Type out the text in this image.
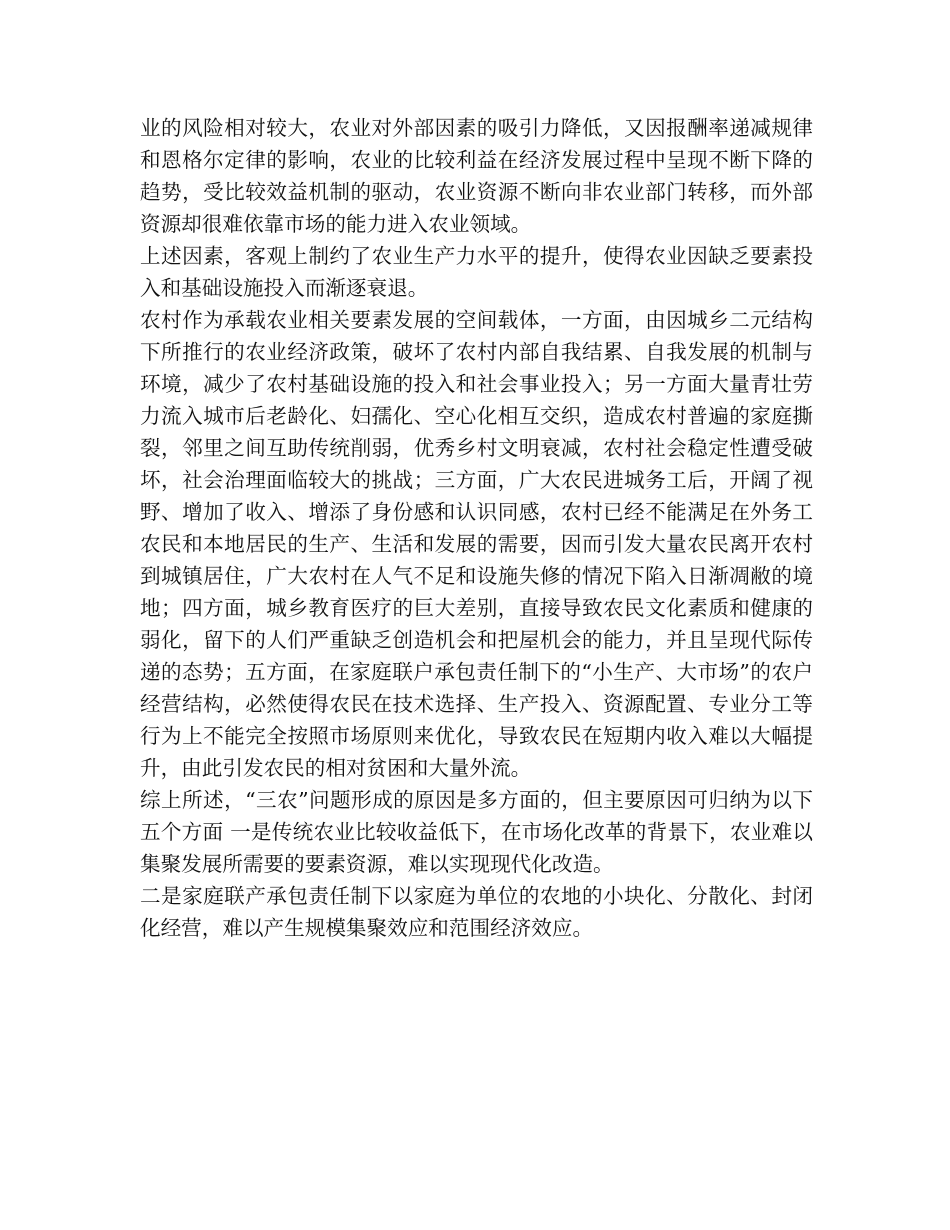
业的风险相对较大，农业对外部因素的吸引力降低，又因报酬率递减规律和恩格尔定律的影响，农业的比较利益在经济发展过程中呈现不断下降的趋势，受比较效益机制的驱动，农业资源不断向非农业部门转移，而外部资源却很难依靠市场的能力进入农业领域。

上述因素，客观上制约了农业生产力水平的提升，使得农业因缺乏要素投入和基础设施投入而渐逐衰退。

农村作为承载农业相关要素发展的空间载体，一方面，由因城乡二元结构下所推行的农业经济政策，破坏了农村内部自我结累、自我发展的机制与环境，减少了农村基础设施的投入和社会事业投入；另一方面大量青壮劳力流入城市后老龄化、妇孺化、空心化相互交织，造成农村普遍的家庭撕裂，邻里之间互助传统削弱，优秀乡村文明衰减，农村社会稳定性遭受破坏，社会治理面临较大的挑战；三方面，广大农民进城务工后，开阔了视野、增加了收入、增添了身份感和认识同感，农村已经不能满足在外务工农民和本地居民的生产、生活和发展的需要，因而引发大量农民离开农村到城镇居住，广大农村在人气不足和设施失修的情况下陷入日渐凋敝的境地；四方面，城乡教育医疗的巨大差别，直接导致农民文化素质和健康的弱化，留下的人们严重缺乏创造机会和把屋机会的能力，并且呈现代际传递的态势；五方面，在家庭联户承包责任制下的“小生产、大市场”的农户经营结构，必然使得农民在技术选择、生产投入、资源配置、专业分工等行为上不能完全按照市场原则来优化，导致农民在短期内收入难以大幅提升，由此引发农民的相对贫困和大量外流。

综上所述，“三农”问题形成的原因是多方面的，但主要原因可归纳为以下五个方面 一是传统农业比较收益低下，在市场化改革的背景下，农业难以集聚发展所需要的要素资源，难以实现现代化改造。

二是家庭联产承包责任制下以家庭为单位的农地的小块化、分散化、封闭化经营，难以产生规模集聚效应和范围经济效应。
